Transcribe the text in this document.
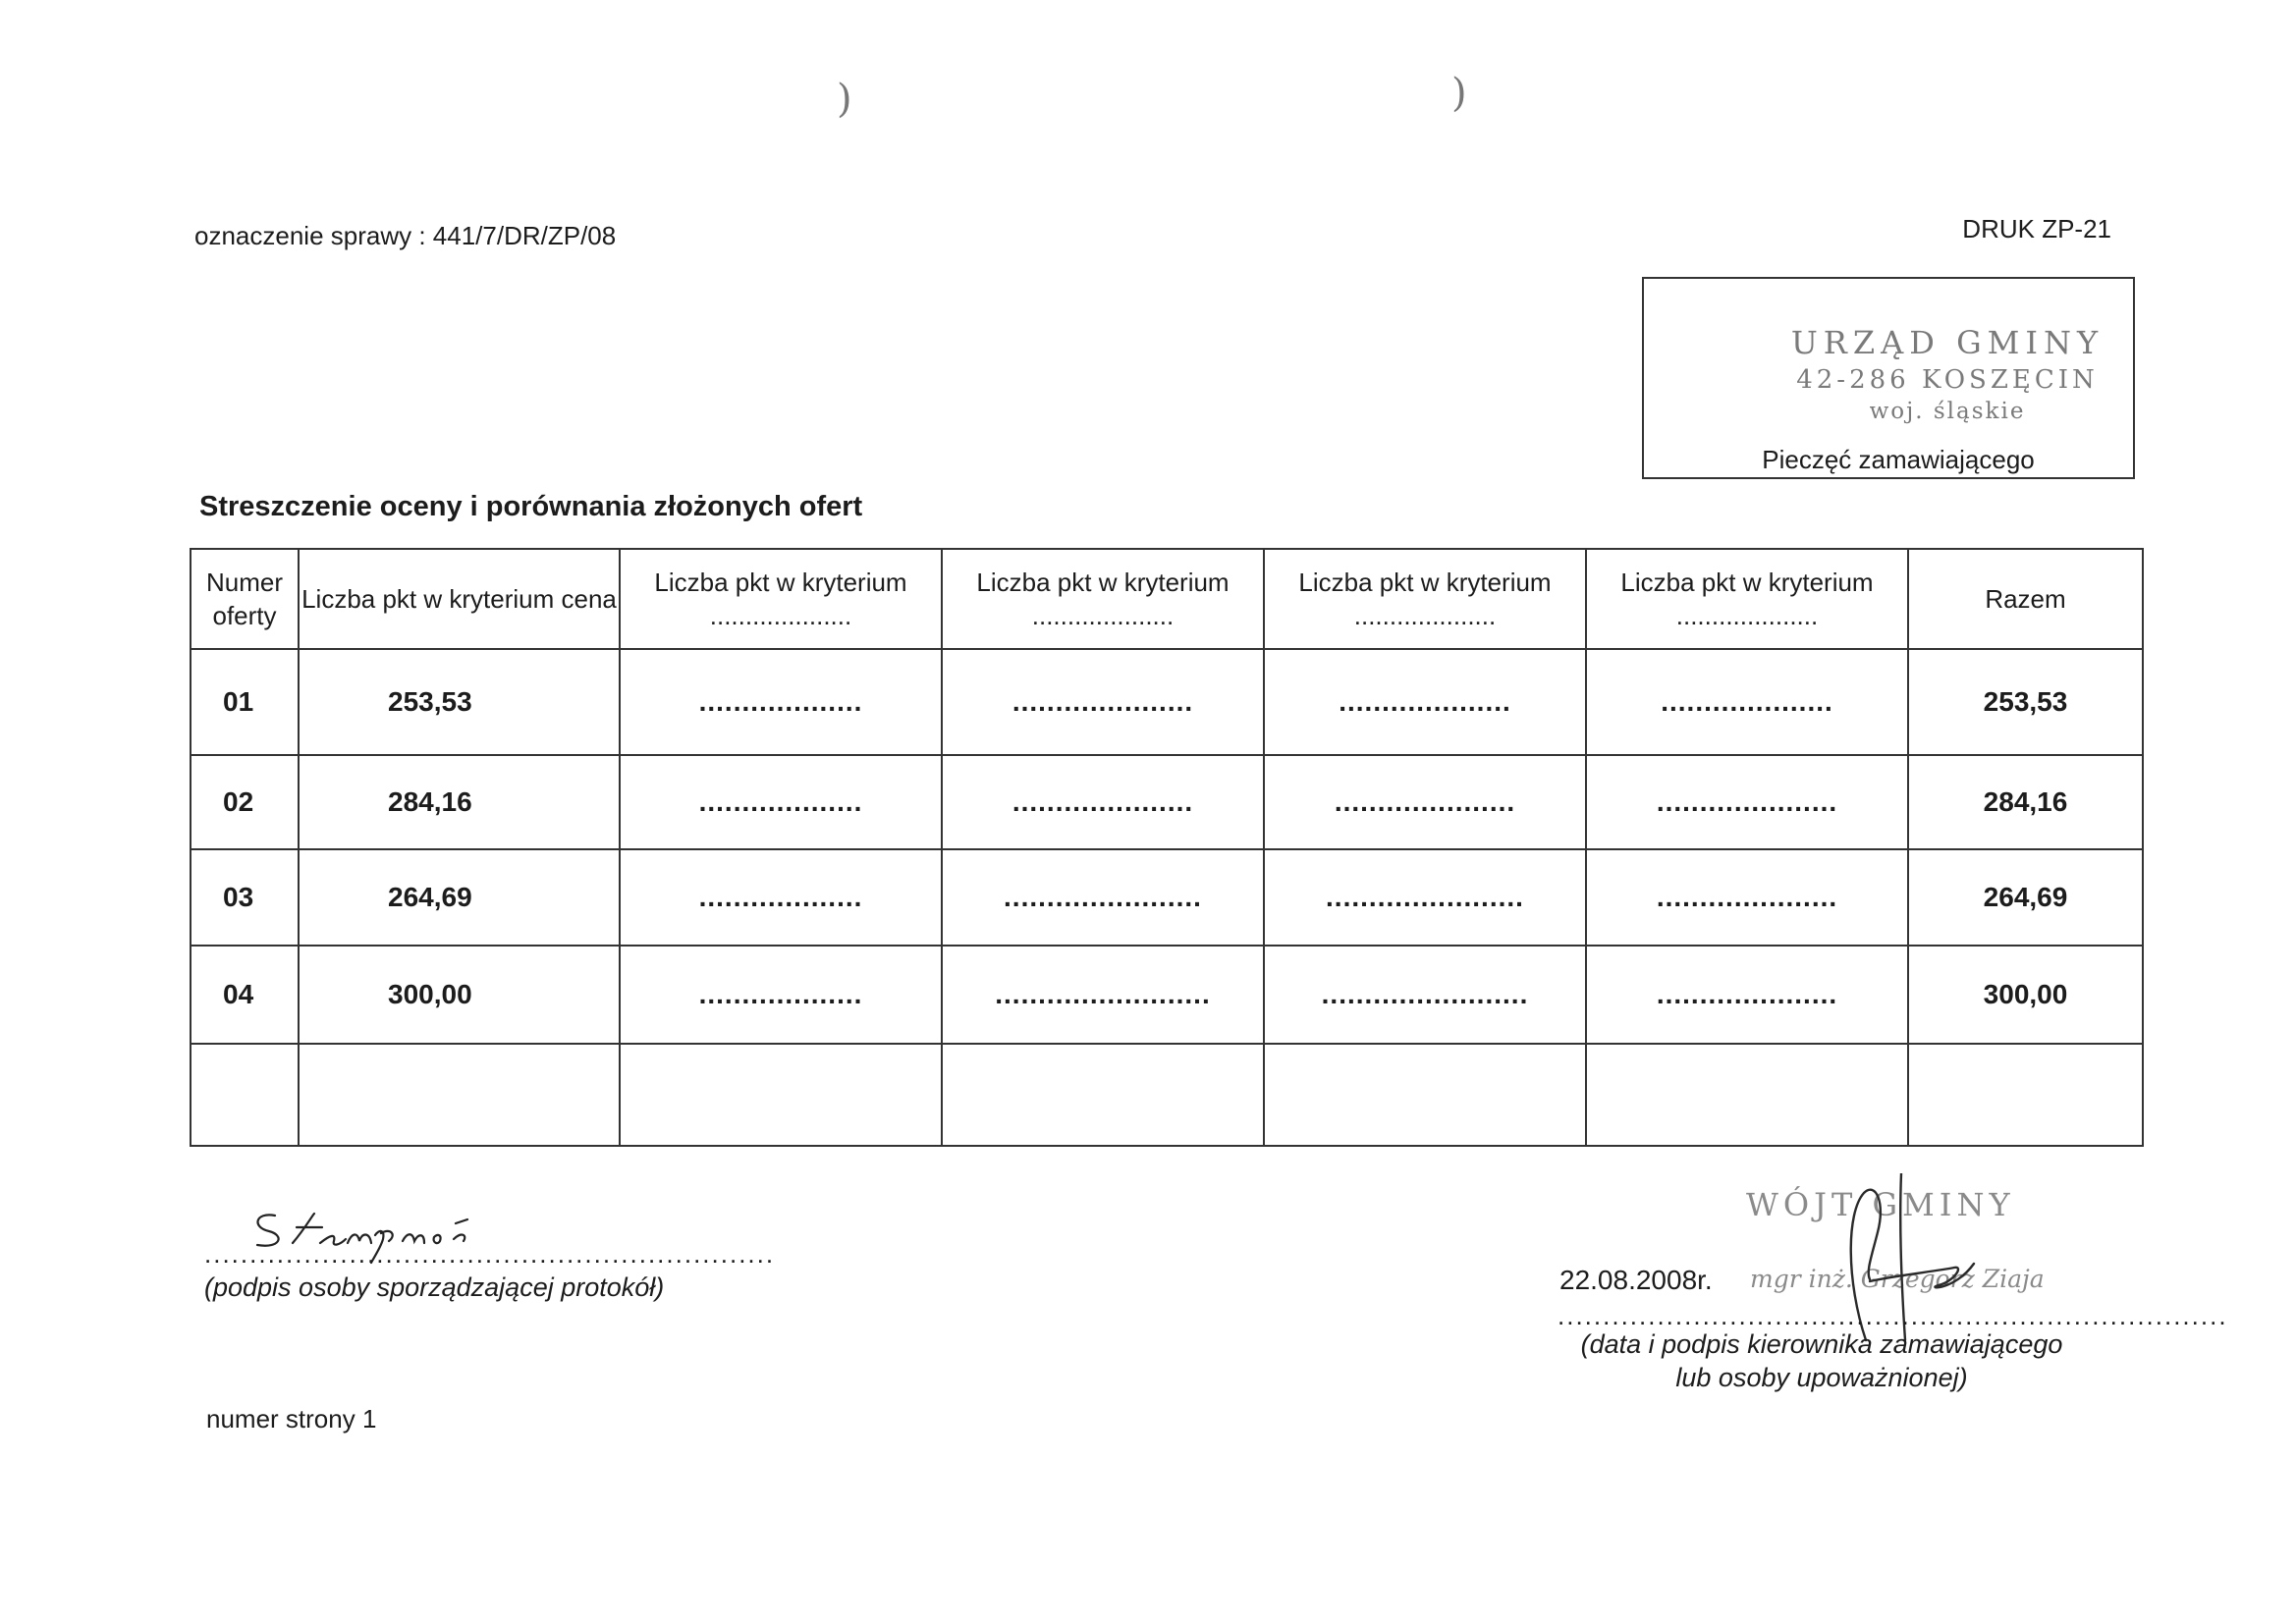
)	)
oznaczenie sprawy : 441/7/DR/ZP/08	DRUK ZP-21
URZĄD GMINY
42-286 KOSZĘCIN
woj. śląskie
Pieczęć zamawiającego
Streszczenie oceny i porównania złożonych ofert
Numer oferty	Liczba pkt w kryterium cena	Liczba pkt w kryterium ....................	Liczba pkt w kryterium ....................	Liczba pkt w kryterium ....................	Liczba pkt w kryterium ....................	Razem
01	253,53	...................	.....................	....................	....................	253,53
02	284,16	...................	.....................	.....................	.....................	284,16
03	264,69	...................	.......................	.......................	.....................	264,69
04	300,00	...................	.........................	........................	.....................	300,00

...............................................................
(podpis osoby sporządzającej protokół)
numer strony 1
WÓJT GMINY
mgr inż. Grzegorz Ziaja
22.08.2008r.
..........................................................................
(data i podpis kierownika zamawiającego
lub osoby upoważnionej)
